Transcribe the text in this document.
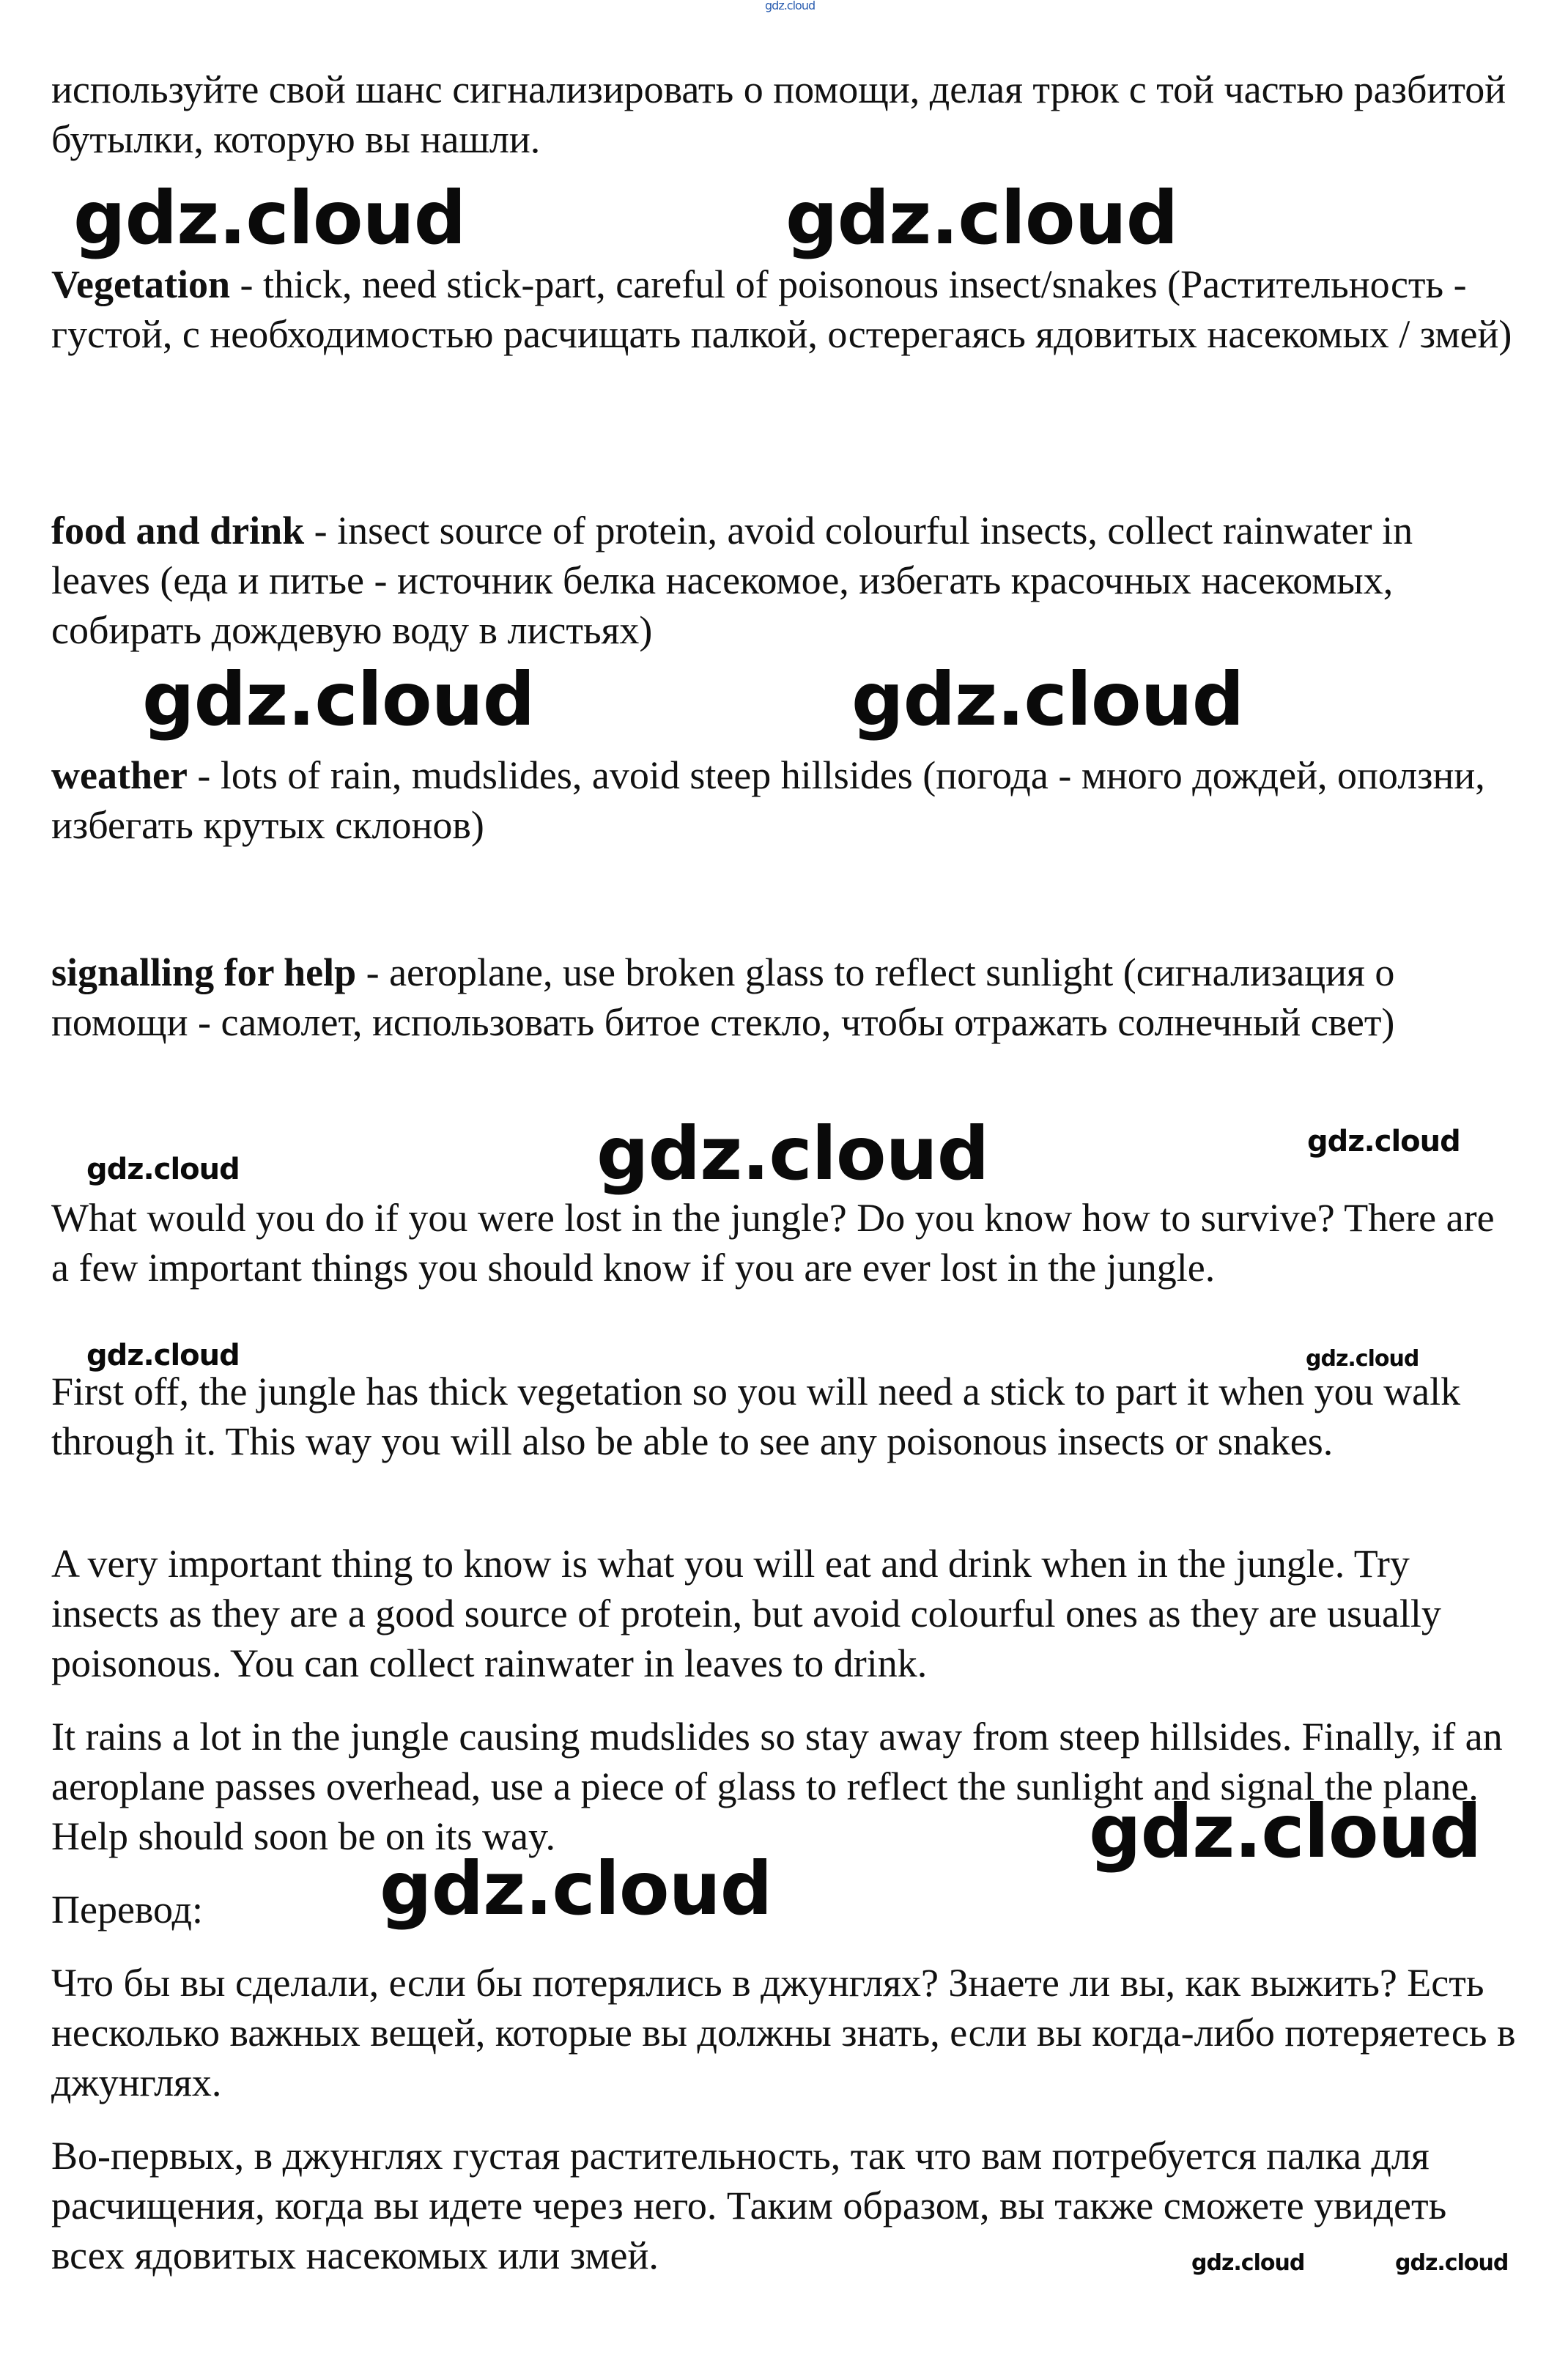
gdz.cloud

используйте свой шанс сигнализировать о помощи, делая трюк с той частью разбитой бутылки, которую вы нашли.

gdz.cloud	gdz.cloud

Vegetation - thick, need stick-part, careful of poisonous insect/snakes (Растительность - густой, с необходимостью расчищать палкой, остерегаясь ядовитых насекомых / змей)

food and drink - insect source of protein, avoid colourful insects, collect rainwater in leaves (еда и питье - источник белка насекомое, избегать красочных насекомых, собирать дождевую воду в листьях)

gdz.cloud	gdz.cloud

weather - lots of rain, mudslides, avoid steep hillsides (погода - много дождей, оползни, избегать крутых склонов)

signalling for help - aeroplane, use broken glass to reflect sunlight (сигнализация о помощи - самолет, использовать битое стекло, чтобы отражать солнечный свет)

gdz.cloud	gdz.cloud	gdz.cloud

What would you do if you were lost in the jungle? Do you know how to survive? There are a few important things you should know if you are ever lost in the jungle.

gdz.cloud	gdz.cloud

First off, the jungle has thick vegetation so you will need a stick to part it when you walk through it. This way you will also be able to see any poisonous insects or snakes.

A very important thing to know is what you will eat and drink when in the jungle. Try insects as they are a good source of protein, but avoid colourful ones as they are usually poisonous. You can collect rainwater in leaves to drink.

It rains a lot in the jungle causing mudslides so stay away from steep hillsides. Finally, if an aeroplane passes overhead, use a piece of glass to reflect the sunlight and signal the plane. Help should soon be on its way.	gdz.cloud

Перевод:	gdz.cloud

Что бы вы сделали, если бы потерялись в джунглях? Знаете ли вы, как выжить? Есть несколько важных вещей, которые вы должны знать, если вы когда-либо потеряетесь в джунглях.

Во-первых, в джунглях густая растительность, так что вам потребуется палка для расчищения, когда вы идете через него. Таким образом, вы также сможете увидеть всех ядовитых насекомых или змей.	gdz.cloud	gdz.cloud
